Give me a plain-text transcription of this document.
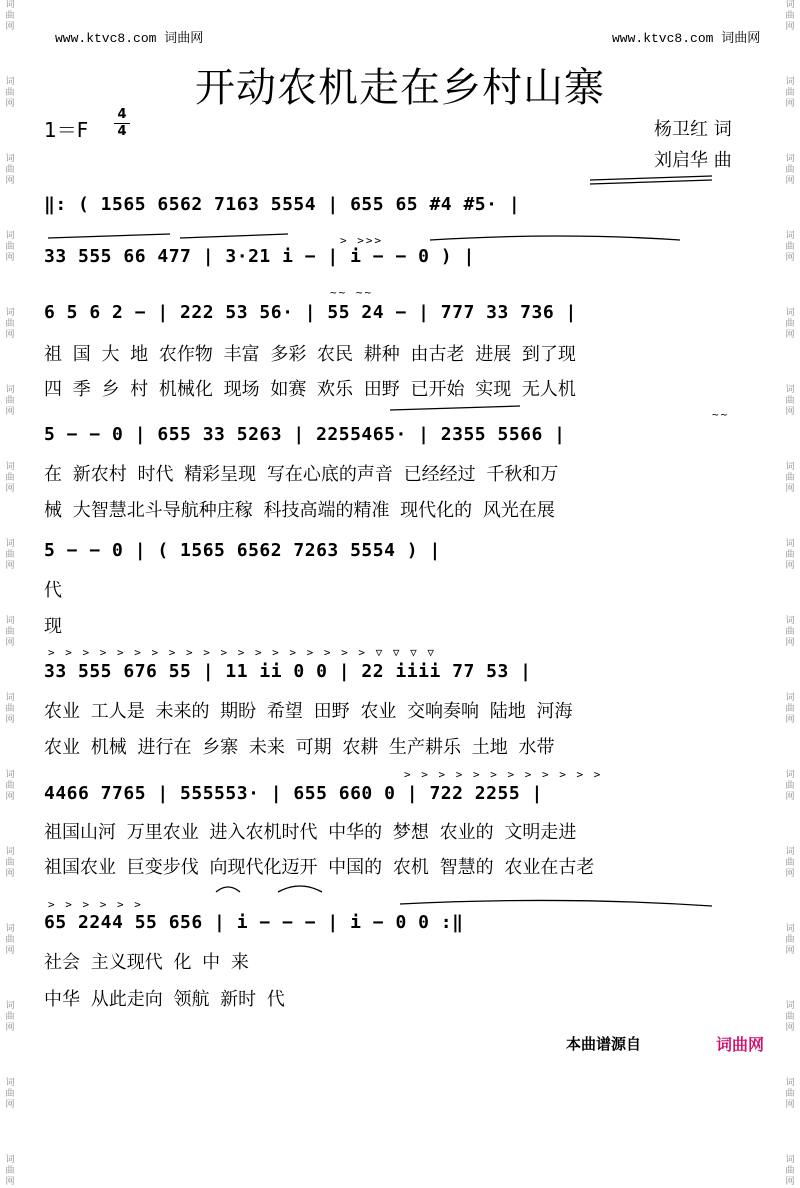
词
曲
网
词
曲
网
词
曲
网
词
曲
网
词
曲
网
词
曲
网
词
曲
网
词
曲
网
词
曲
网
词
曲
网
词
曲
网
词
曲
网
词
曲
网
词
曲
网
词
曲
网
词
曲
网
词
曲
网
词
曲
网
词
曲
网
词
曲
网
词
曲
网
词
曲
网
词
曲
网
词
曲
网
词
曲
网
词
曲
网
词
曲
网
词
曲
网
词
曲
网
词
曲
网
词
曲
网
词
曲
网
www.ktvc8.com 词曲网	www.ktvc8.com 词曲网
开动农机走在乡村山寨
1＝F
4
4	杨卫红 词
刘启华 曲
‖: ( 1565 6562 7163 5554 | 655 65 #4 #5· |
> >>>
33 555 66 477 | 3·21 i − | i − − 0 ) |
~~ ~~
6 5 6 2 − | 222 53 56· | 55 24 − | 777 33 736 |
祖 国 大 地 农作物 丰富 多彩 农民 耕种 由古老 进展 到了现
四 季 乡 村 机械化 现场 如赛 欢乐 田野 已开始 实现 无人机
~~
5 − − 0 | 655 33 5263 | 2255465· | 2355 5566 |
在 新农村 时代 精彩呈现 写在心底的声音 已经经过 千秋和万
械 大智慧北斗导航种庄稼 科技高端的精准 现代化的 风光在展
5 − − 0 | ( 1565 6562 7263 5554 ) |
代
现
> > > > > > > > > > > > > > > > > > > ▽ ▽ ▽ ▽
33 555 676 55 | 11 ii 0 0 | 22 iiii 77 53 |
农业 工人是 未来的 期盼 希望 田野 农业 交响奏响 陆地 河海
农业 机械 进行在 乡寨 未来 可期 农耕 生产耕乐 土地 水带
> > > > > > > > > > > >
4466 7765 | 555553· | 655 660 0 | 722 2255 |
祖国山河 万里农业 进入农机时代 中华的 梦想 农业的 文明走进
祖国农业 巨变步伐 向现代化迈开 中国的 农机 智慧的 农业在古老
> > > > > >
65 2244 55 656 | i − − − | i − 0 0 :‖
社会 主义现代 化 中 来
中华 从此走向 领航 新时 代
本曲谱源自	词曲网
